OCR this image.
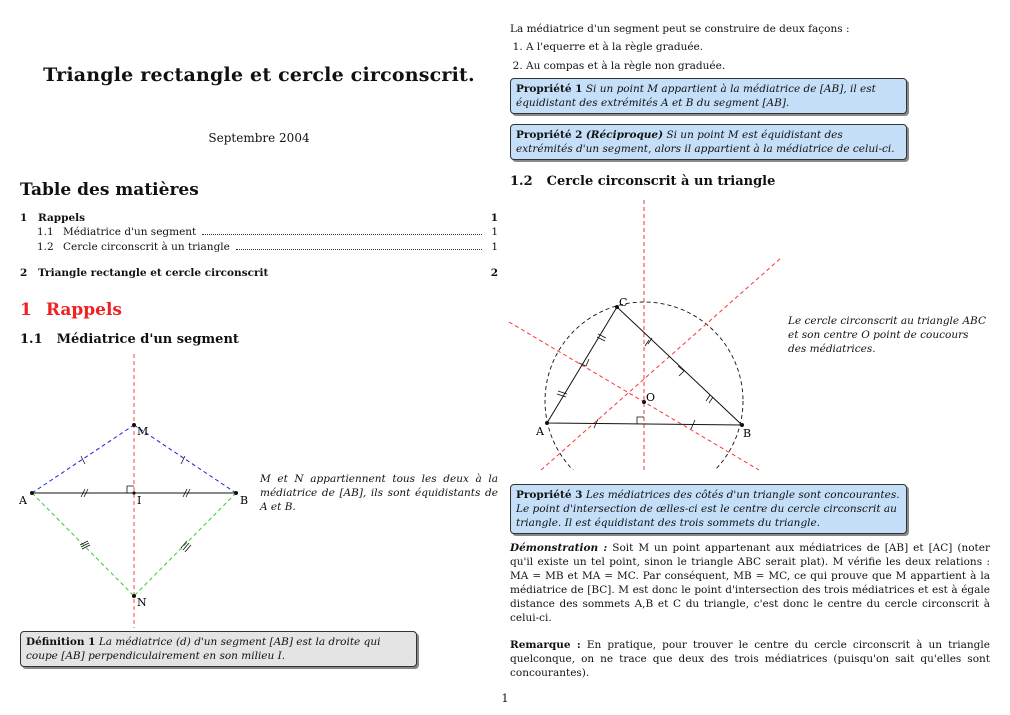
Triangle rectangle et cercle circonscrit.
Septembre 2004
Table des matières
1	Rappels	1
1.1 Médiatrice d'un segment	1
1.2 Cercle circonscrit à un triangle	1
2	Triangle rectangle et cercle circonscrit	2
1 Rappels
1.1 Médiatrice d'un segment
M
A	I	B
N
M et N appartiennent tous les deux à la médiatrice de [AB], ils sont équidistants de A et B.
Définition 1 La médiatrice (d) d'un segment [AB] est la droite qui coupe [AB] perpendiculairement en son milieu I.
La médiatrice d'un segment peut se construire de deux façons :
1. A l'equerre et à la règle graduée.
2. Au compas et à la règle non graduée.
Propriété 1 Si un point M appartient à la médiatrice de [AB], il est équidistant des extrémités A et B du segment [AB].
Propriété 2 (Réciproque) Si un point M est équidistant des extrémités d'un segment, alors il appartient à la médiatrice de celui-ci.
1.2 Cercle circonscrit à un triangle
C
O
A	B
Le cercle circonscrit au triangle ABC et son centre O point de coucours des médiatrices.
Propriété 3 Les médiatrices des côtés d'un triangle sont concourantes. Le point d'intersection de œlles-ci est le centre du cercle circonscrit au triangle. Il est équidistant des trois sommets du triangle.
Démonstration : Soit M un point appartenant aux médiatrices de [AB] et [AC] (noter qu'il existe un tel point, sinon le triangle ABC serait plat). M vérifie les deux relations : MA = MB et MA = MC. Par conséquent, MB = MC, ce qui prouve que M appartient à la médiatrice de [BC]. M est donc le point d'intersection des trois médiatrices et est à égale distance des sommets A,B et C du triangle, c'est donc le centre du cercle circonscrit à celui-ci.
Remarque : En pratique, pour trouver le centre du cercle circonscrit à un triangle quelconque, on ne trace que deux des trois médiatrices (puisqu'on sait qu'elles sont concourantes).
1
